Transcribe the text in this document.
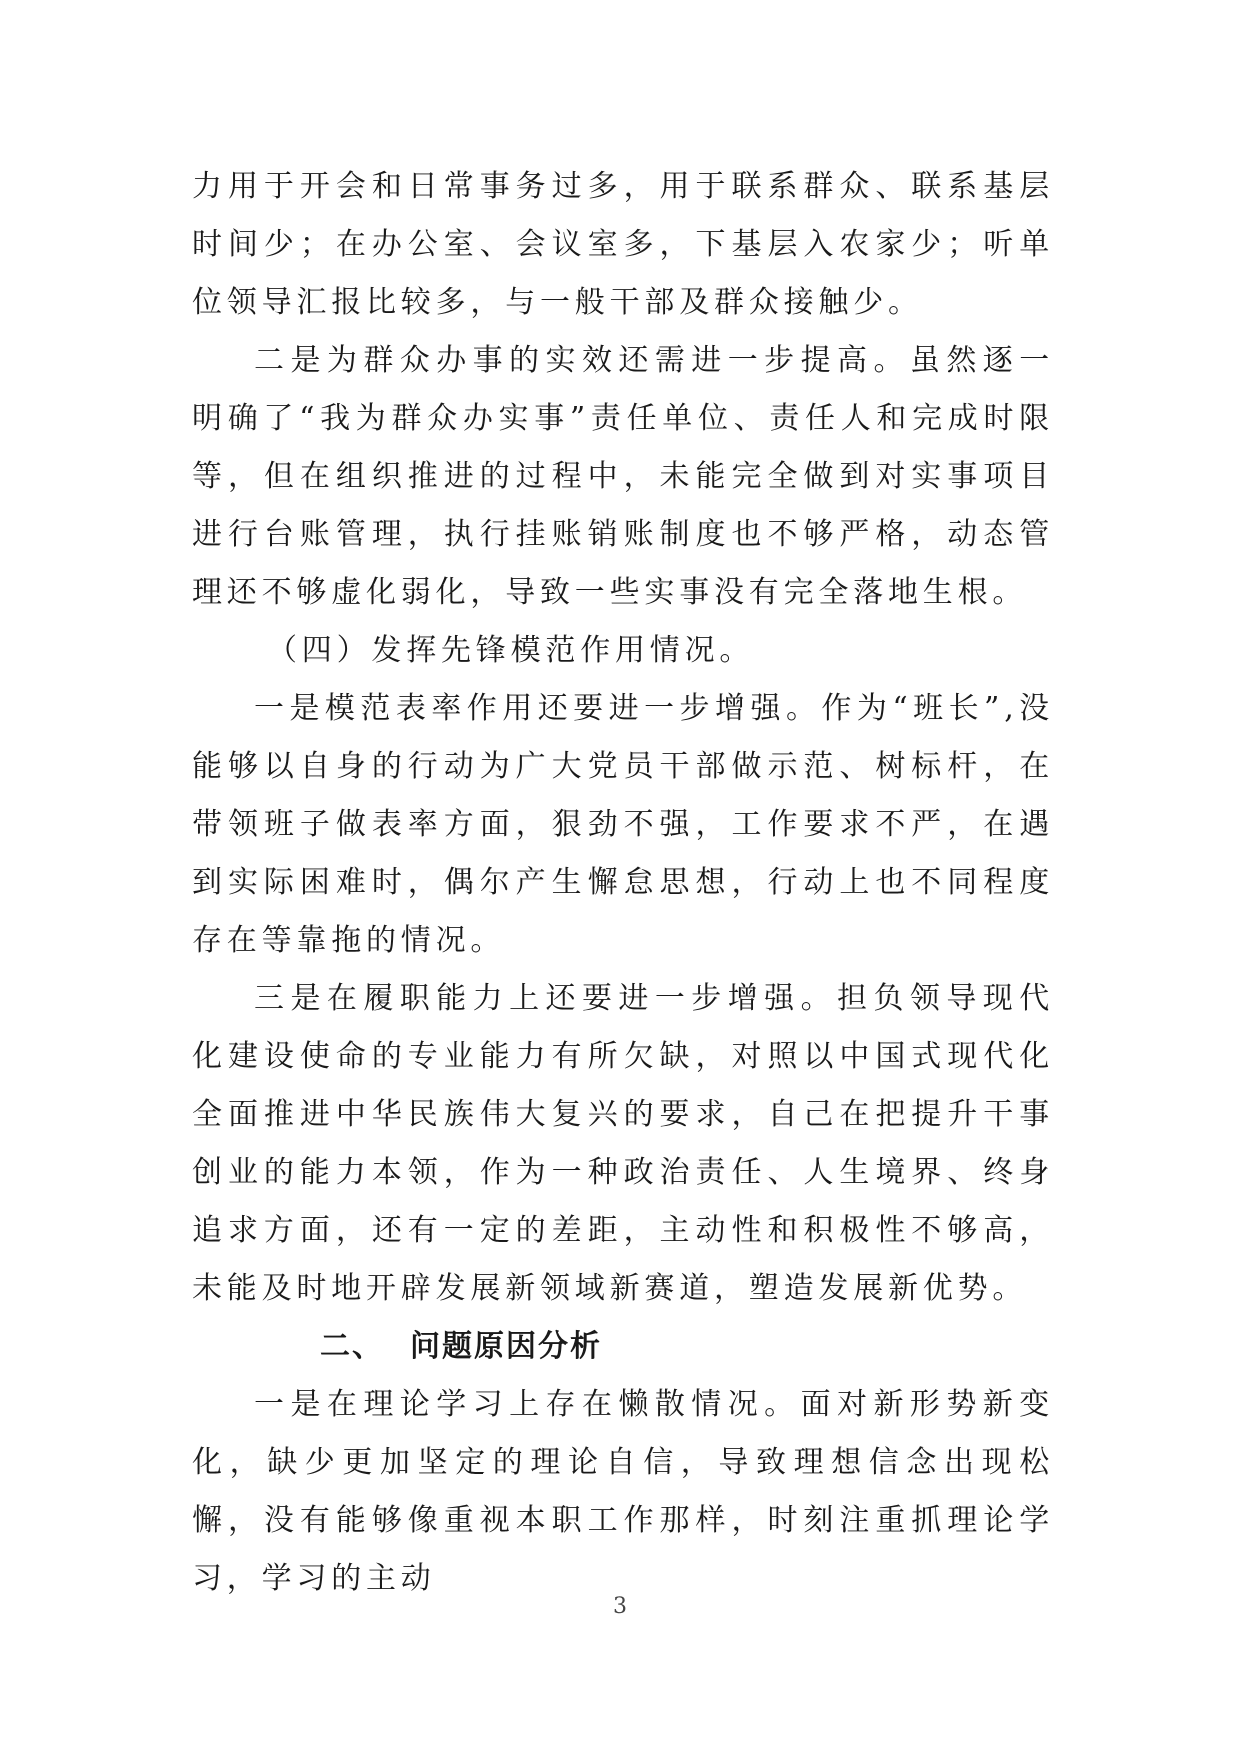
力用于开会和日常事务过多，用于联系群众、联系基层时间少；在办公室、会议室多，下基层入农家少；听单位领导汇报比较多，与一般干部及群众接触少。

二是为群众办事的实效还需进一步提高。虽然逐一明确了“我为群众办实事”责任单位、责任人和完成时限等，但在组织推进的过程中，未能完全做到对实事项目进行台账管理，执行挂账销账制度也不够严格，动态管理还不够虚化弱化，导致一些实事没有完全落地生根。

（四）发挥先锋模范作用情况。

一是模范表率作用还要进一步增强。作为“班长”,没能够以自身的行动为广大党员干部做示范、树标杆，在带领班子做表率方面，狠劲不强，工作要求不严，在遇到实际困难时，偶尔产生懈怠思想，行动上也不同程度存在等靠拖的情况。

三是在履职能力上还要进一步增强。担负领导现代化建设使命的专业能力有所欠缺，对照以中国式现代化全面推进中华民族伟大复兴的要求，自己在把提升干事创业的能力本领，作为一种政治责任、人生境界、终身追求方面，还有一定的差距，主动性和积极性不够高，未能及时地开辟发展新领域新赛道，塑造发展新优势。

二、 问题原因分析

一是在理论学习上存在懒散情况。面对新形势新变化，缺少更加坚定的理论自信，导致理想信念出现松懈，没有能够像重视本职工作那样，时刻注重抓理论学习，学习的主动

3
